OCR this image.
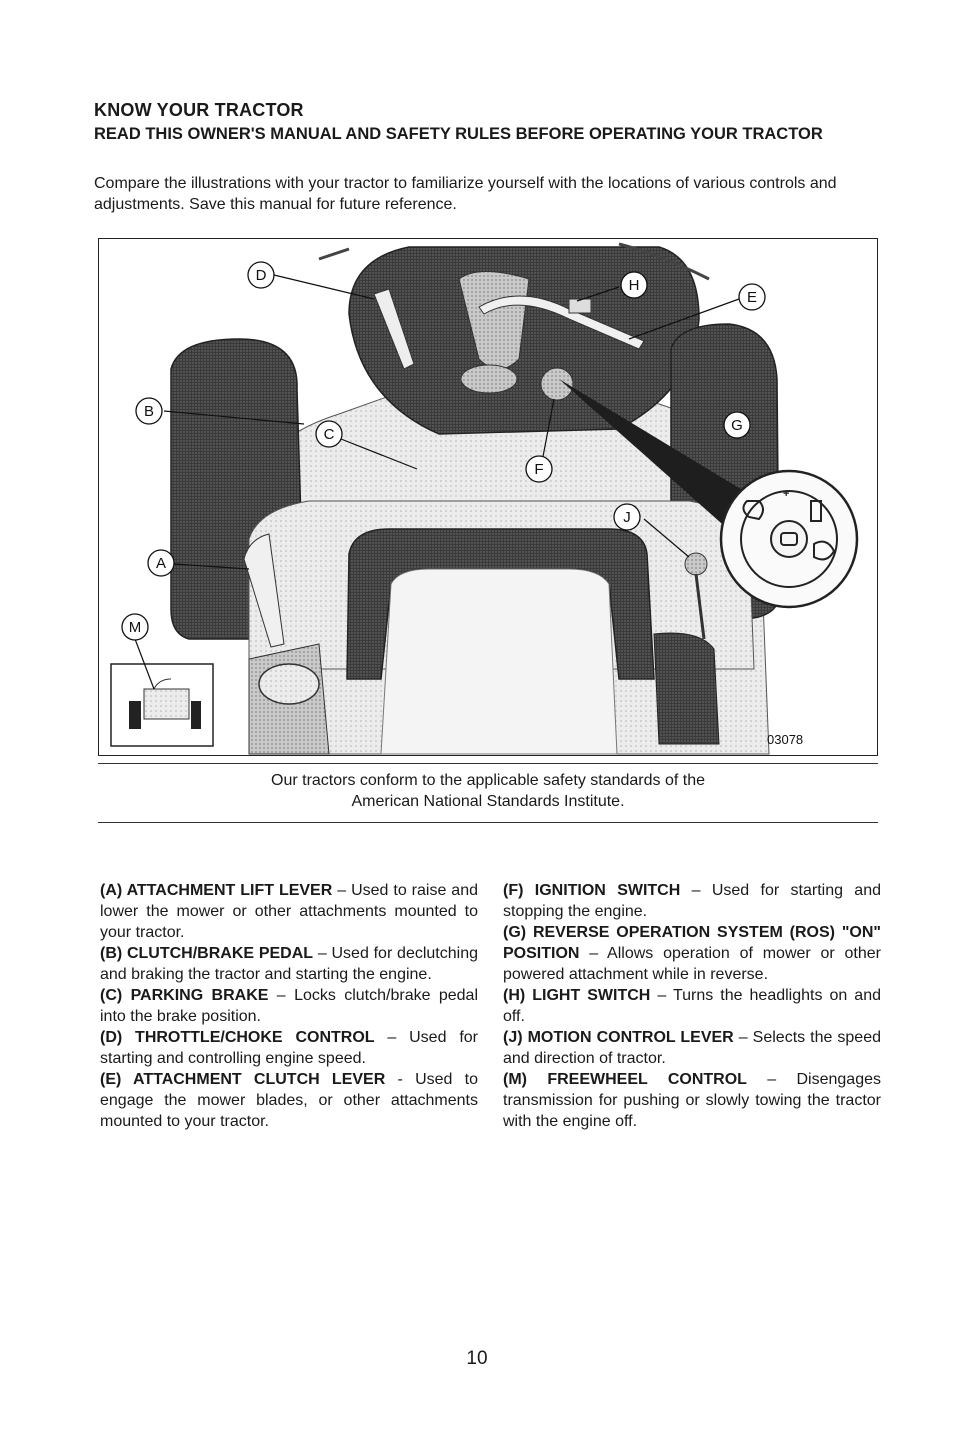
KNOW YOUR TRACTOR
READ THIS OWNER'S MANUAL AND SAFETY RULES BEFORE OPERATING YOUR TRACTOR
Compare the illustrations with your tractor to familiarize yourself with the locations of various controls and adjustments. Save this manual for future reference.
+
D
H
E
B
C
G
F
J
A
M
03078
Our tractors conform to the applicable safety standards of the
American National Standards Institute.

(A) ATTACHMENT LIFT LEVER – Used to raise and lower the mower or other attachments mounted to your tractor.

(B) CLUTCH/BRAKE PEDAL – Used for declutching and braking the tractor and starting the engine.

(C) PARKING BRAKE – Locks clutch/brake pedal into the brake position.

(D) THROTTLE/CHOKE CONTROL – Used for starting and controlling engine speed.

(E) ATTACHMENT CLUTCH LEVER - Used to engage the mower blades, or other attachments mounted to your tractor.

(F) IGNITION SWITCH – Used for starting and stopping the engine.

(G) REVERSE OPERATION SYSTEM (ROS) "ON" POSITION – Allows operation of mower or other powered attachment while in reverse.

(H) LIGHT SWITCH – Turns the headlights on and off.

(J) MOTION CONTROL LEVER – Selects the speed and direction of tractor.

(M) FREEWHEEL CONTROL – Disengages transmission for pushing or slowly towing the tractor with the engine off.

10
